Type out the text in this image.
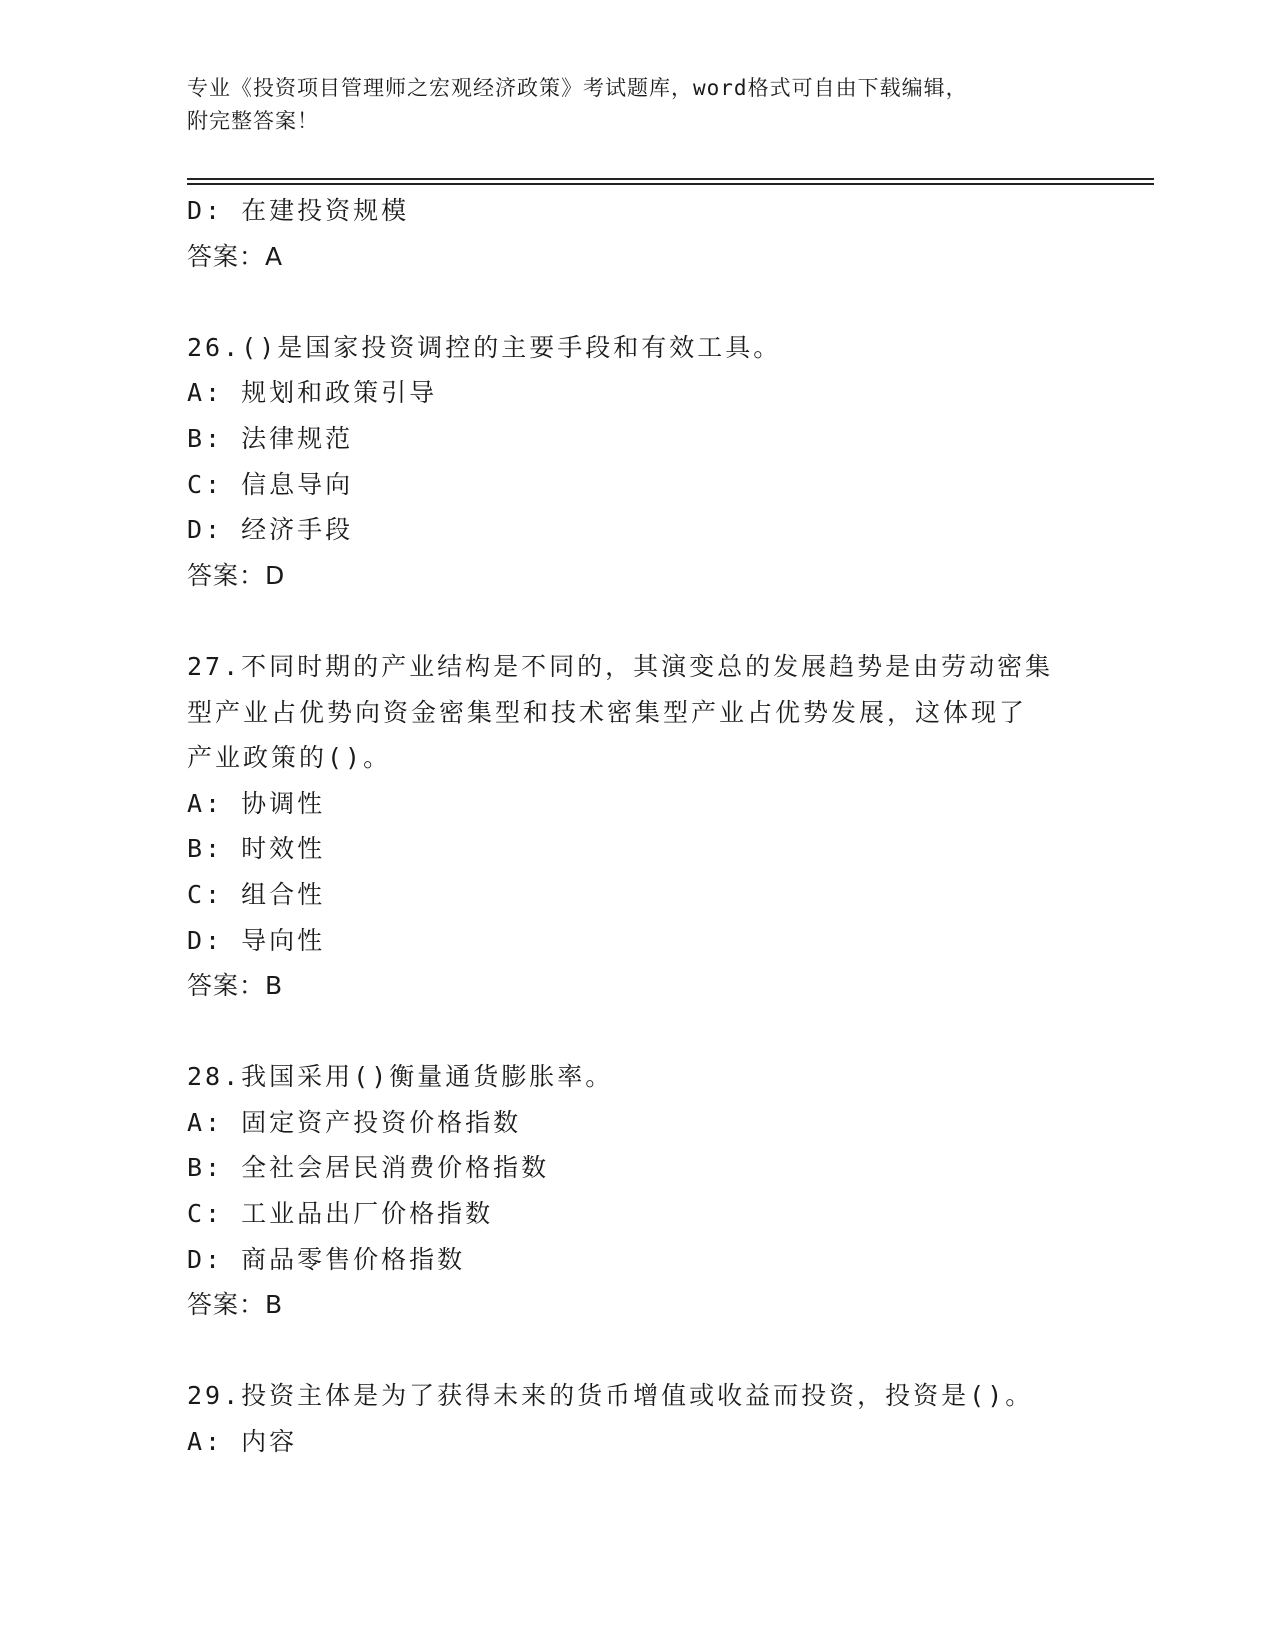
专业《投资项目管理师之宏观经济政策》考试题库，word格式可自由下载编辑，
附完整答案！
D: 在建投资规模
答案：A
26.()是国家投资调控的主要手段和有效工具。
A: 规划和政策引导
B: 法律规范
C: 信息导向
D: 经济手段
答案：D
27.不同时期的产业结构是不同的，其演变总的发展趋势是由劳动密集
型产业占优势向资金密集型和技术密集型产业占优势发展，这体现了
产业政策的()。
A: 协调性
B: 时效性
C: 组合性
D: 导向性
答案：B
28.我国采用()衡量通货膨胀率。
A: 固定资产投资价格指数
B: 全社会居民消费价格指数
C: 工业品出厂价格指数
D: 商品零售价格指数
答案：B
29.投资主体是为了获得未来的货币增值或收益而投资，投资是()。
A: 内容
